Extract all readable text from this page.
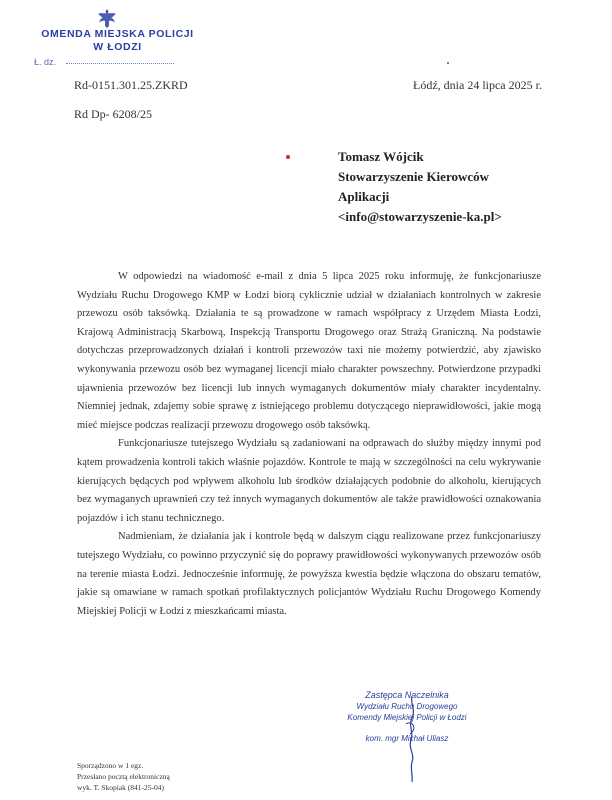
OMENDA MIEJSKA POLICJI
W ŁODZI
Ł. dz.
Rd-0151.301.25.ZKRD
Rd Dp- 6208/25
Łódź, dnia 24 lipca 2025 r.
Tomasz Wójcik
Stowarzyszenie Kierowców
Aplikacji
<info@stowarzyszenie-ka.pl>

W odpowiedzi na wiadomość e-mail z dnia 5 lipca 2025 roku informuję, że funkcjonariusze Wydziału Ruchu Drogowego KMP w Łodzi biorą cyklicznie udział w działaniach kontrolnych w zakresie przewozu osób taksówką. Działania te są prowadzone w ramach współpracy z Urzędem Miasta Łodzi, Krajową Administracją Skarbową, Inspekcją Transportu Drogowego oraz Strażą Graniczną. Na podstawie dotychczas przeprowadzonych działań i kontroli przewozów taxi nie możemy potwierdzić, aby zjawisko wykonywania przewozu osób bez wymaganej licencji miało charakter powszechny. Potwierdzone przypadki ujawnienia przewozów bez licencji lub innych wymaganych dokumentów miały charakter incydentalny. Niemniej jednak, zdajemy sobie sprawę z istniejącego problemu dotyczącego nieprawidłowości, jakie mogą mieć miejsce podczas realizacji przewozu drogowego osób taksówką.

Funkcjonariusze tutejszego Wydziału są zadaniowani na odprawach do służby między innymi pod kątem prowadzenia kontroli takich właśnie pojazdów. Kontrole te mają w szczególności na celu wykrywanie kierujących będących pod wpływem alkoholu lub środków działających podobnie do alkoholu, kierujących bez wymaganych uprawnień czy też innych wymaganych dokumentów ale także prawidłowości oznakowania pojazdów i ich stanu technicznego.

Nadmieniam, że działania jak i kontrole będą w dalszym ciągu realizowane przez funkcjonariuszy tutejszego Wydziału, co powinno przyczynić się do poprawy prawidłowości wykonywanych przewozów osób na terenie miasta Łodzi. Jednocześnie informuję, że powyższa kwestia będzie włączona do obszaru tematów, jakie są omawiane w ramach spotkań profilaktycznych policjantów Wydziału Ruchu Drogowego Komendy Miejskiej Policji w Łodzi z mieszkańcami miasta.

Zastępca Naczelnika
Wydziału Ruchu Drogowego
Komendy Miejskiej Policji w Łodzi
kom. mgr Michał Uliasz
Sporządzono w 1 egz.
Przesłano pocztą elektroniczną
wyk. T. Skopiak (841-25-04)
